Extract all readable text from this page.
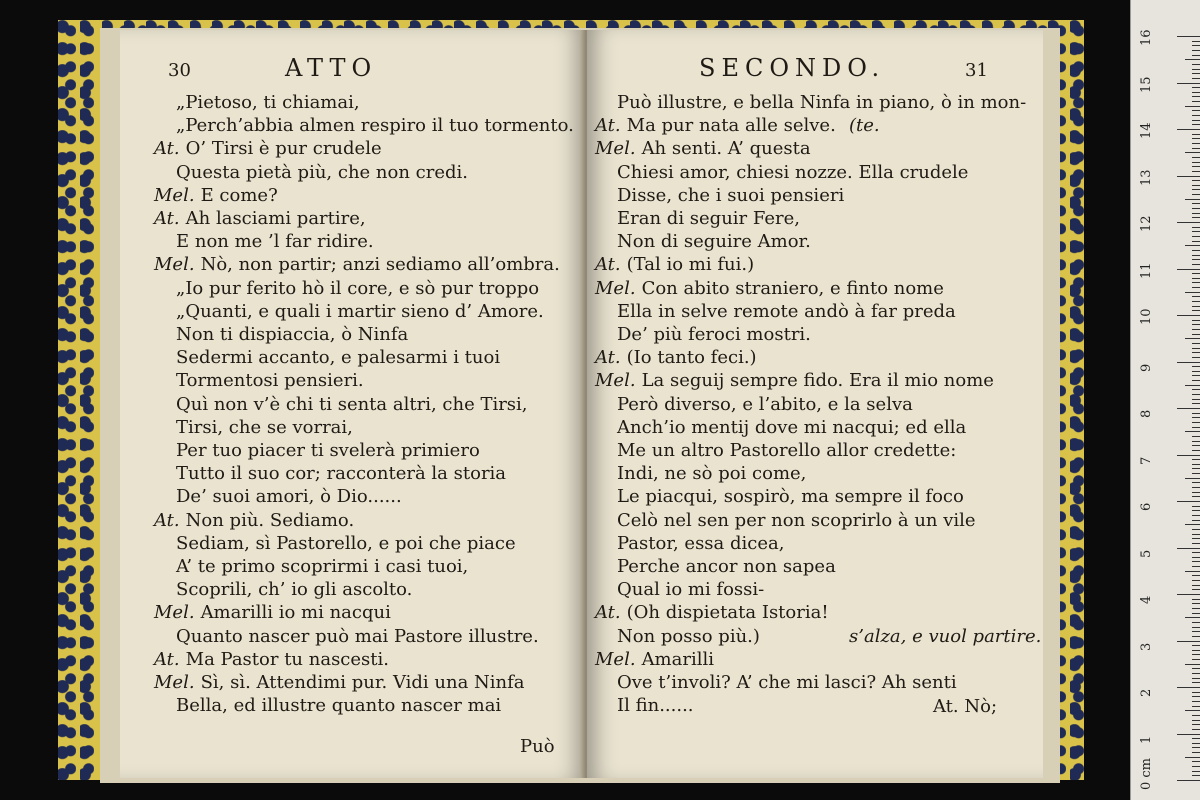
30	ATTO
„Pietoso, ti chiamai,
„Perch’abbia almen respiro il tuo tormento.
At. O’ Tirsi è pur crudele
Questa pietà più, che non credi.
Mel. E come?
At. Ah lasciami partire,
E non me ’l far ridire.
Mel. Nò, non partir; anzi sediamo all’ombra.
„Io pur ferito hò il core, e sò pur troppo
„Quanti, e quali i martir sieno d’ Amore.
Non ti dispiaccia, ò Ninfa
Sedermi accanto, e palesarmi i tuoi
Tormentosi pensieri.
Quì non v’è chi ti senta altri, che Tirsi,
Tirsi, che se vorrai,
Per tuo piacer ti svelerà primiero
Tutto il suo cor; racconterà la storia
De’ suoi amori, ò Dio......
At. Non più. Sediamo.
Sediam, sì Pastorello, e poi che piace
A’ te primo scoprirmi i casi tuoi,
Scoprili, ch’ io gli ascolto.
Mel. Amarilli io mi nacqui
Quanto nascer può mai Pastore illustre.
At. Ma Pastor tu nascesti.
Mel. Sì, sì. Attendimi pur. Vidi una Ninfa
Bella, ed illustre quanto nascer mai
Può
SECONDO.	31
Può illustre, e bella Ninfa in piano, ò in mon-
At. Ma pur nata alle selve. (te.
Mel. Ah senti. A’ questa
Chiesi amor, chiesi nozze. Ella crudele
Disse, che i suoi pensieri
Eran di seguir Fere,
Non di seguire Amor.
At. (Tal io mi fui.)
Mel. Con abito straniero, e finto nome
Ella in selve remote andò à far preda
De’ più feroci mostri.
At. (Io tanto feci.)
Mel. La seguij sempre fido. Era il mio nome
Però diverso, e l’abito, e la selva
Anch’io mentij dove mi nacqui; ed ella
Me un altro Pastorello allor credette:
Indi, ne sò poi come,
Le piacqui, sospirò, ma sempre il foco
Celò nel sen per non scoprirlo à un vile
Pastor, essa dicea,
Perche ancor non sapea
Qual io mi fossi-
At. (Oh dispietata Istoria!
Non posso più.)	s’alza, e vuol partire.
Mel. Amarilli
Ove t’involi? A’ che mi lasci? Ah senti
Il fin......	At. Nò;
0 cm
1
2
3
4
5
6
7
8
9
10
11
12
13
14
15
16
